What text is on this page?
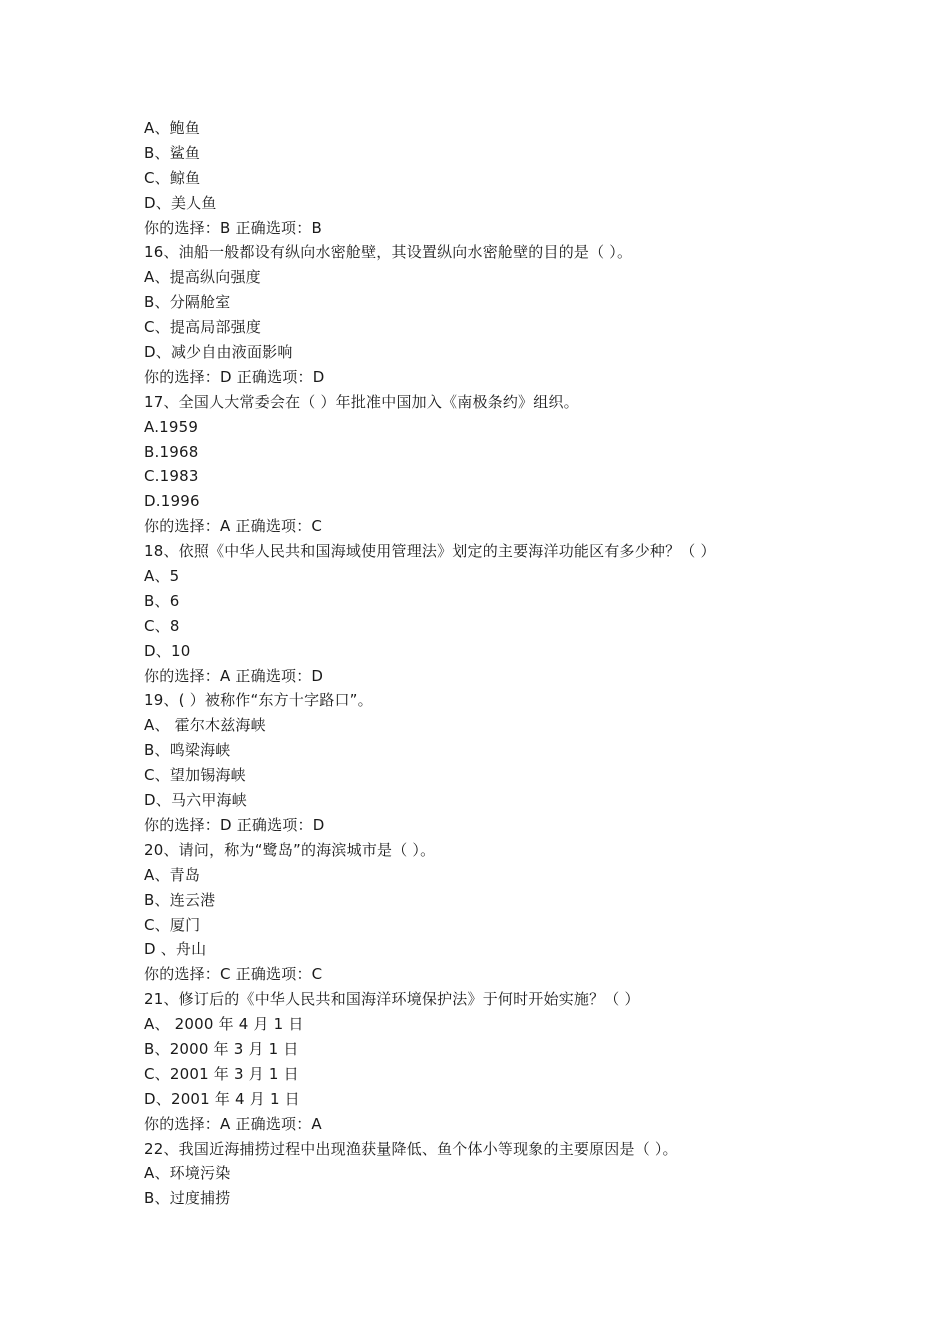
A、鲍鱼
B、鲨鱼
C、鲸鱼
D、美人鱼
你的选择：B 正确选项：B
16、油船一般都设有纵向水密舱壁，其设置纵向水密舱壁的目的是（ ）。
A、提高纵向强度
B、分隔舱室
C、提高局部强度
D、减少自由液面影响
你的选择：D 正确选项：D
17、全国人大常委会在（ ）年批准中国加入《南极条约》组织。
A.1959
B.1968
C.1983
D.1996
你的选择：A 正确选项：C
18、依照《中华人民共和国海域使用管理法》划定的主要海洋功能区有多少种？（ ）
A、5
B、6
C、8
D、10
你的选择：A 正确选项：D
19、( ）被称作“东方十字路口”。
A、 霍尔木兹海峡
B、鸣梁海峡
C、望加锡海峡
D、马六甲海峡
你的选择：D 正确选项：D
20、请问，称为“鹭岛”的海滨城市是（ ）。
A、青岛
B、连云港
C、厦门
D 、舟山
你的选择：C 正确选项：C
21、修订后的《中华人民共和国海洋环境保护法》于何时开始实施？（ ）
A、 2000 年 4 月 1 日
B、2000 年 3 月 1 日
C、2001 年 3 月 1 日
D、2001 年 4 月 1 日
你的选择：A 正确选项：A
22、我国近海捕捞过程中出现渔获量降低、鱼个体小等现象的主要原因是（ ）。
A、环境污染
B、过度捕捞
